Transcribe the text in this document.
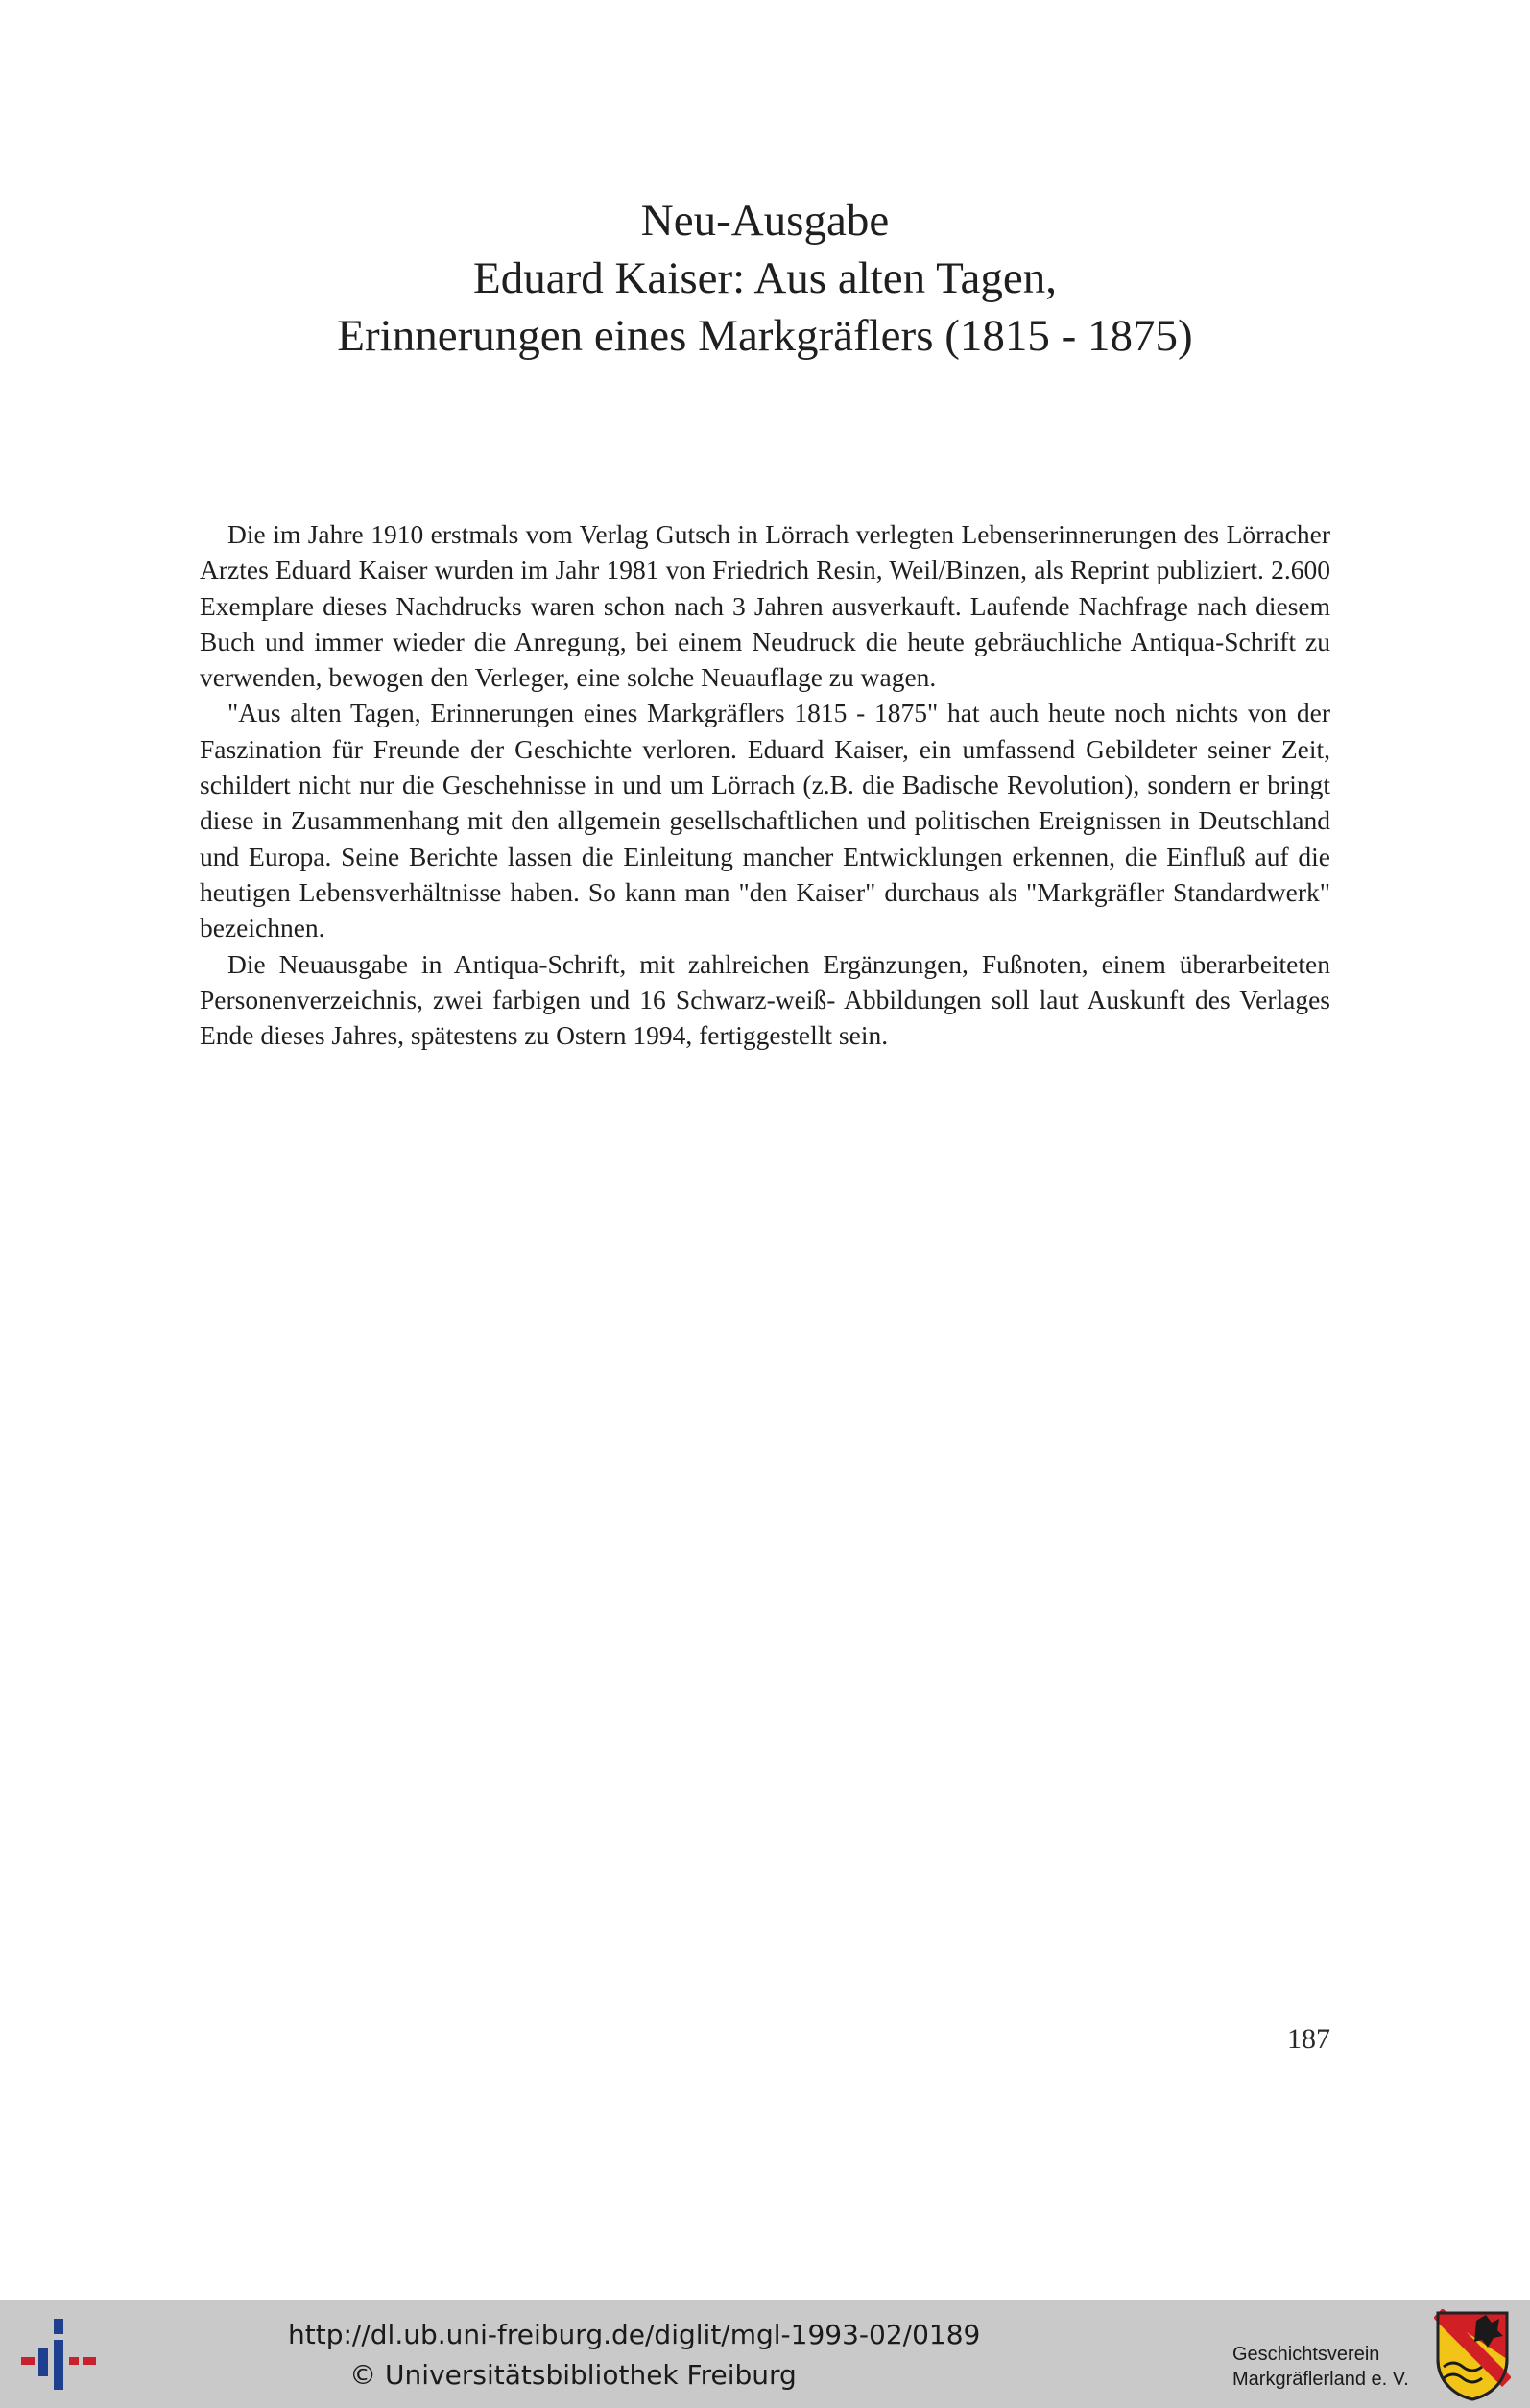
Neu-Ausgabe
Eduard Kaiser: Aus alten Tagen,
Erinnerungen eines Markgräflers (1815 - 1875)

Die im Jahre 1910 erstmals vom Verlag Gutsch in Lörrach verlegten Lebenserinnerungen des Lörracher Arztes Eduard Kaiser wurden im Jahr 1981 von Friedrich Resin, Weil/Binzen, als Reprint publiziert. 2.600 Exemplare dieses Nachdrucks waren schon nach 3 Jahren ausverkauft. Laufende Nachfrage nach diesem Buch und immer wieder die Anregung, bei einem Neudruck die heute gebräuchliche Antiqua-Schrift zu verwenden, bewogen den Verleger, eine solche Neuauflage zu wagen.

"Aus alten Tagen, Erinnerungen eines Markgräflers 1815 - 1875" hat auch heute noch nichts von der Faszination für Freunde der Geschichte verloren. Eduard Kaiser, ein umfassend Gebildeter seiner Zeit, schildert nicht nur die Geschehnisse in und um Lörrach (z.B. die Badische Revolution), sondern er bringt diese in Zusammenhang mit den allgemein gesellschaftlichen und politischen Ereignissen in Deutschland und Europa. Seine Berichte lassen die Einleitung mancher Entwicklungen erkennen, die Einfluß auf die heutigen Lebensverhältnisse haben. So kann man "den Kaiser" durchaus als "Markgräfler Standardwerk" bezeichnen.

Die Neuausgabe in Antiqua-Schrift, mit zahlreichen Ergänzungen, Fußnoten, einem überarbeiteten Personenverzeichnis, zwei farbigen und 16 Schwarz-weiß- Abbildungen soll laut Auskunft des Verlages Ende dieses Jahres, spätestens zu Ostern 1994, fertiggestellt sein.

187
http://dl.ub.uni-freiburg.de/diglit/mgl-1993-02/0189
© Universitätsbibliothek Freiburg
Geschichtsverein
Markgräflerland e. V.
